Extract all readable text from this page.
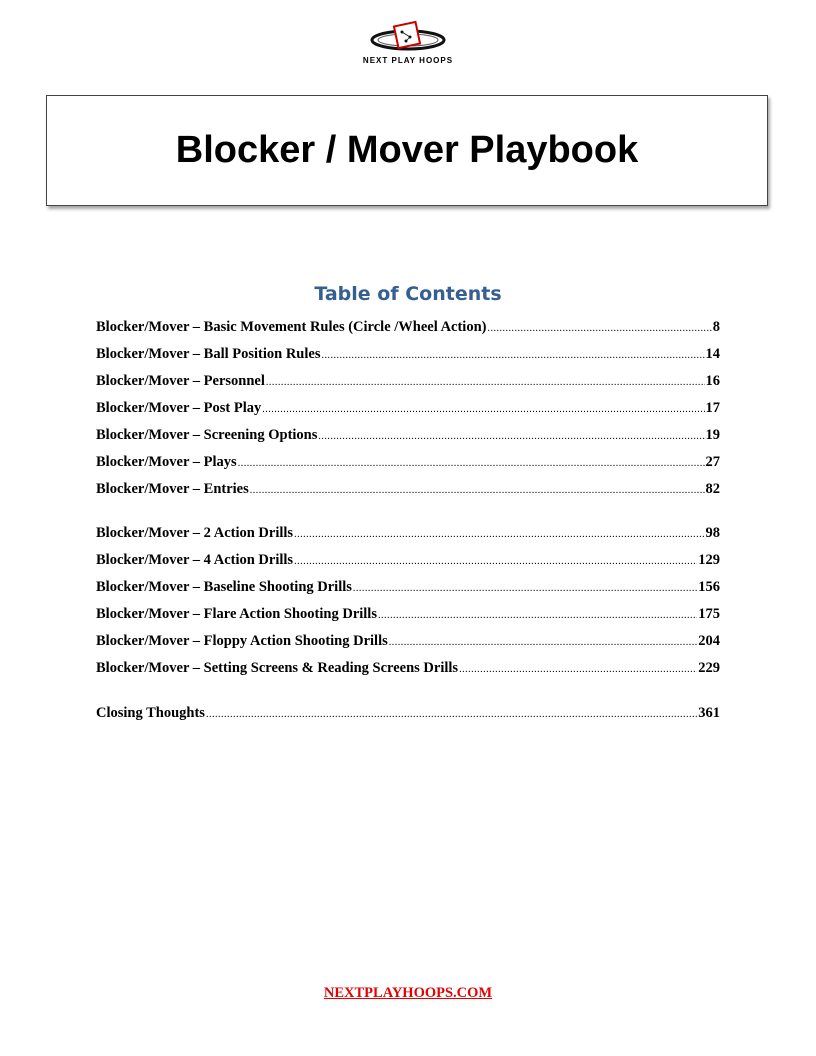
NEXT PLAY HOOPS
Blocker / Mover Playbook
Table of Contents
Blocker/Mover – Basic Movement Rules (Circle /Wheel Action) .....	8
Blocker/Mover – Ball Position Rules .....	14
Blocker/Mover – Personnel .....	16
Blocker/Mover – Post Play .....	17
Blocker/Mover – Screening Options .....	19
Blocker/Mover – Plays .....	27
Blocker/Mover – Entries .....	82
Blocker/Mover – 2 Action Drills .....	98
Blocker/Mover – 4 Action Drills .....	129
Blocker/Mover – Baseline Shooting Drills .....	156
Blocker/Mover – Flare Action Shooting Drills .....	175
Blocker/Mover – Floppy Action Shooting Drills .....	204
Blocker/Mover – Setting Screens & Reading Screens Drills .....	229
Closing Thoughts .....	361
NEXTPLAYHOOPS.COM
